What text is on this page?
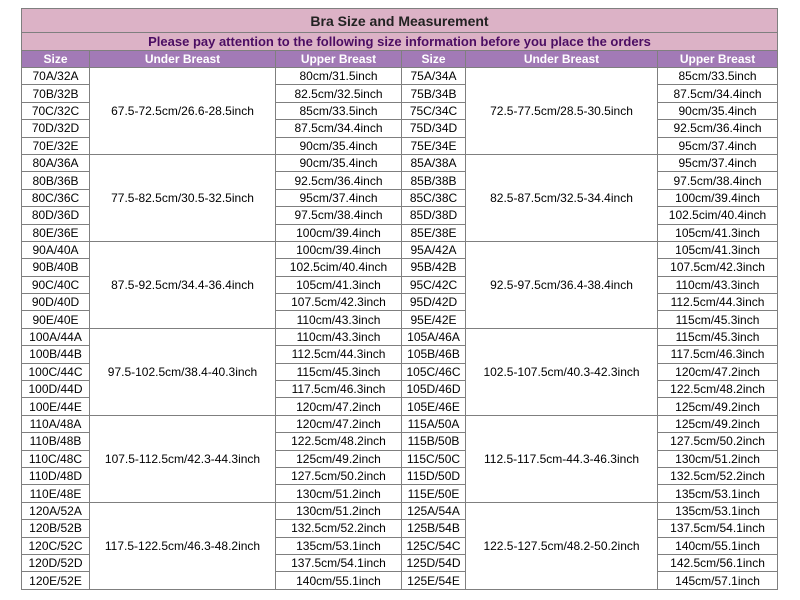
Bra Size and Measurement					
Please pay attention to the following size information before you place the orders					
Size	Under Breast	Upper Breast	Size	Under Breast	Upper Breast
70A/32A	67.5-72.5cm/26.6-28.5inch	80cm/31.5inch	75A/34A	72.5-77.5cm/28.5-30.5inch	85cm/33.5inch
70B/32B		82.5cm/32.5inch	75B/34B		87.5cm/34.4inch
70C/32C		85cm/33.5inch	75C/34C		90cm/35.4inch
70D/32D		87.5cm/34.4inch	75D/34D		92.5cm/36.4inch
70E/32E		90cm/35.4inch	75E/34E		95cm/37.4inch
80A/36A	77.5-82.5cm/30.5-32.5inch	90cm/35.4inch	85A/38A	82.5-87.5cm/32.5-34.4inch	95cm/37.4inch
80B/36B		92.5cm/36.4inch	85B/38B		97.5cm/38.4inch
80C/36C		95cm/37.4inch	85C/38C		100cm/39.4inch
80D/36D		97.5cm/38.4inch	85D/38D		102.5cim/40.4inch
80E/36E		100cm/39.4inch	85E/38E		105cm/41.3inch
90A/40A	87.5-92.5cm/34.4-36.4inch	100cm/39.4inch	95A/42A	92.5-97.5cm/36.4-38.4inch	105cm/41.3inch
90B/40B		102.5cim/40.4inch	95B/42B		107.5cm/42.3inch
90C/40C		105cm/41.3inch	95C/42C		110cm/43.3inch
90D/40D		107.5cm/42.3inch	95D/42D		112.5cm/44.3inch
90E/40E		110cm/43.3inch	95E/42E		115cm/45.3inch
100A/44A	97.5-102.5cm/38.4-40.3inch	110cm/43.3inch	105A/46A	102.5-107.5cm/40.3-42.3inch	115cm/45.3inch
100B/44B		112.5cm/44.3inch	105B/46B		117.5cm/46.3inch
100C/44C		115cm/45.3inch	105C/46C		120cm/47.2inch
100D/44D		117.5cm/46.3inch	105D/46D		122.5cm/48.2inch
100E/44E		120cm/47.2inch	105E/46E		125cm/49.2inch
110A/48A	107.5-112.5cm/42.3-44.3inch	120cm/47.2inch	115A/50A	112.5-117.5cm-44.3-46.3inch	125cm/49.2inch
110B/48B		122.5cm/48.2inch	115B/50B		127.5cm/50.2inch
110C/48C		125cm/49.2inch	115C/50C		130cm/51.2inch
110D/48D		127.5cm/50.2inch	115D/50D		132.5cm/52.2inch
110E/48E		130cm/51.2inch	115E/50E		135cm/53.1inch
120A/52A	117.5-122.5cm/46.3-48.2inch	130cm/51.2inch	125A/54A	122.5-127.5cm/48.2-50.2inch	135cm/53.1inch
120B/52B		132.5cm/52.2inch	125B/54B		137.5cm/54.1inch
120C/52C		135cm/53.1inch	125C/54C		140cm/55.1inch
120D/52D		137.5cm/54.1inch	125D/54D		142.5cm/56.1inch
120E/52E		140cm/55.1inch	125E/54E		145cm/57.1inch
